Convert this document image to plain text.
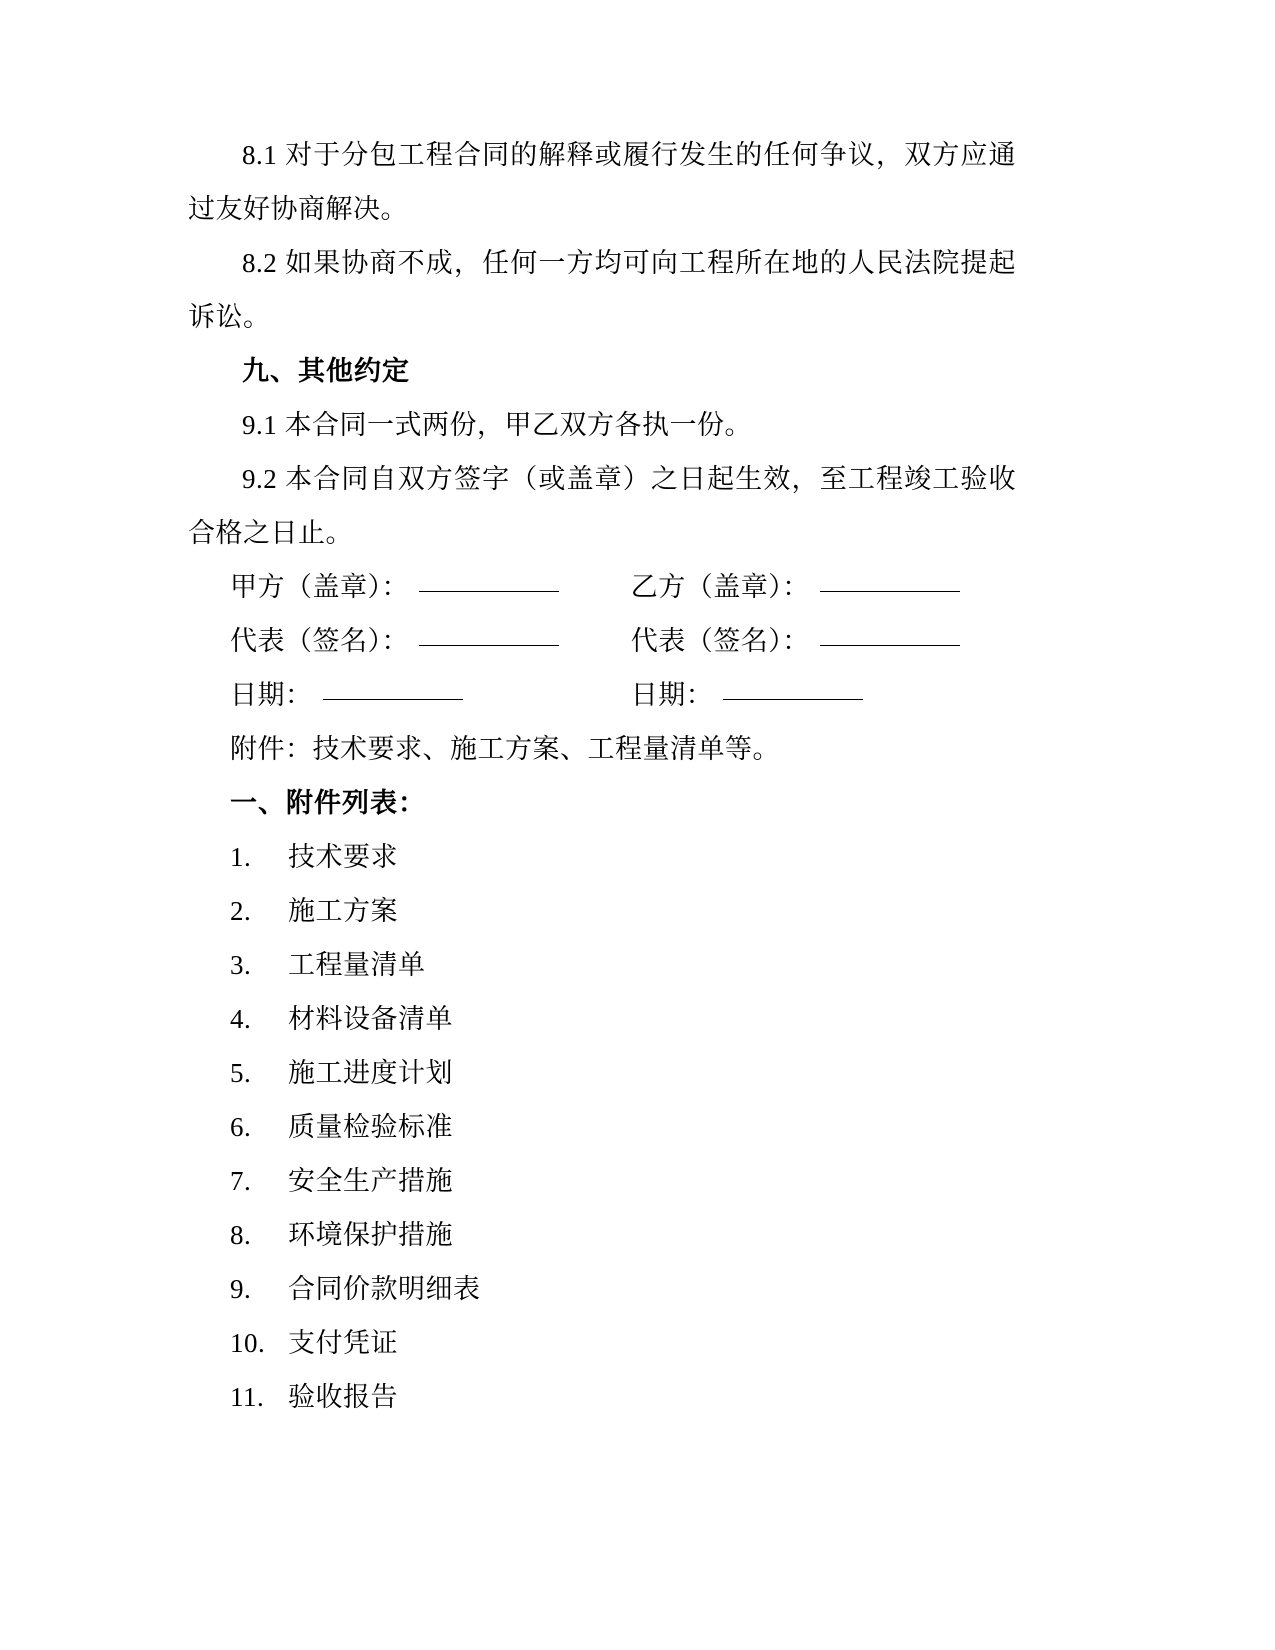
8.1 对于分包工程合同的解释或履行发生的任何争议，双方应通过友好协商解决。

8.2 如果协商不成，任何一方均可向工程所在地的人民法院提起诉讼。

九、其他约定

9.1 本合同一式两份，甲乙双方各执一份。

9.2 本合同自双方签字（或盖章）之日起生效，至工程竣工验收合格之日止。

甲方（盖章）：	乙方（盖章）：
代表（签名）：	代表（签名）：
日期：	日期：

附件：技术要求、施工方案、工程量清单等。

一、附件列表：

1.	技术要求
2.	施工方案
3.	工程量清单
4.	材料设备清单
5.	施工进度计划
6.	质量检验标准
7.	安全生产措施
8.	环境保护措施
9.	合同价款明细表
10. 支付凭证
11. 验收报告
